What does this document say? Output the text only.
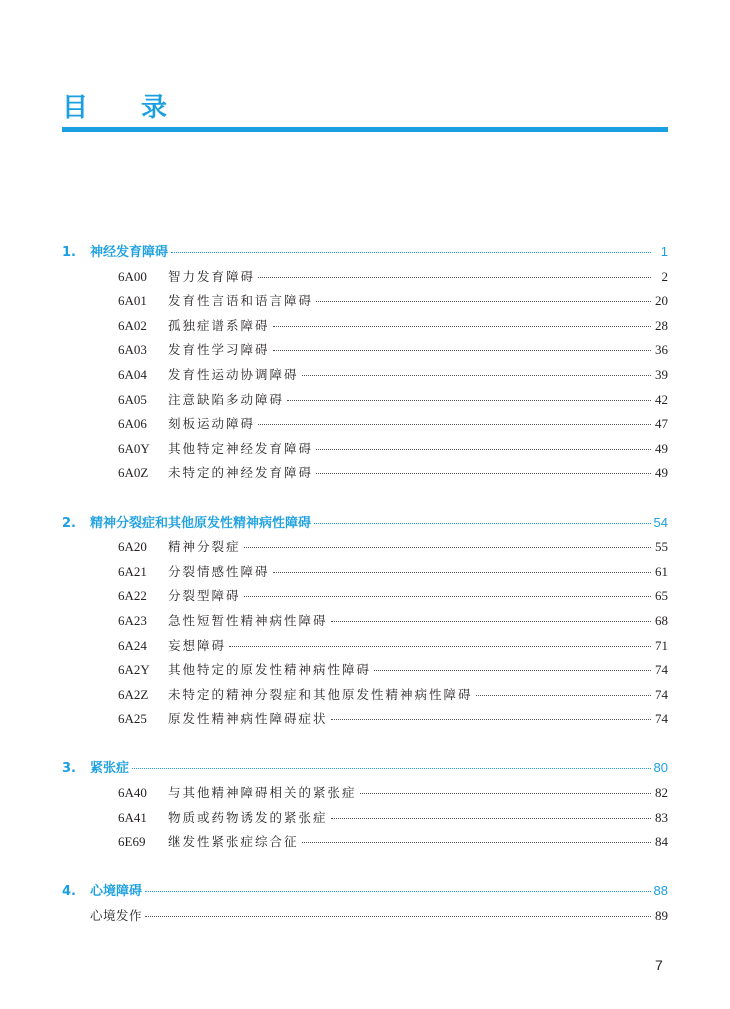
目 录
1.	神经发育障碍	1
6A00	智力发育障碍	2
6A01	发育性言语和语言障碍	20
6A02	孤独症谱系障碍	28
6A03	发育性学习障碍	36
6A04	发育性运动协调障碍	39
6A05	注意缺陷多动障碍	42
6A06	刻板运动障碍	47
6A0Y	其他特定神经发育障碍	49
6A0Z	未特定的神经发育障碍	49
2.	精神分裂症和其他原发性精神病性障碍	54
6A20	精神分裂症	55
6A21	分裂情感性障碍	61
6A22	分裂型障碍	65
6A23	急性短暂性精神病性障碍	68
6A24	妄想障碍	71
6A2Y	其他特定的原发性精神病性障碍	74
6A2Z	未特定的精神分裂症和其他原发性精神病性障碍	74
6A25	原发性精神病性障碍症状	74
3.	紧张症	80
6A40	与其他精神障碍相关的紧张症	82
6A41	物质或药物诱发的紧张症	83
6E69	继发性紧张症综合征	84
4.	心境障碍	88
心境发作	89
7
